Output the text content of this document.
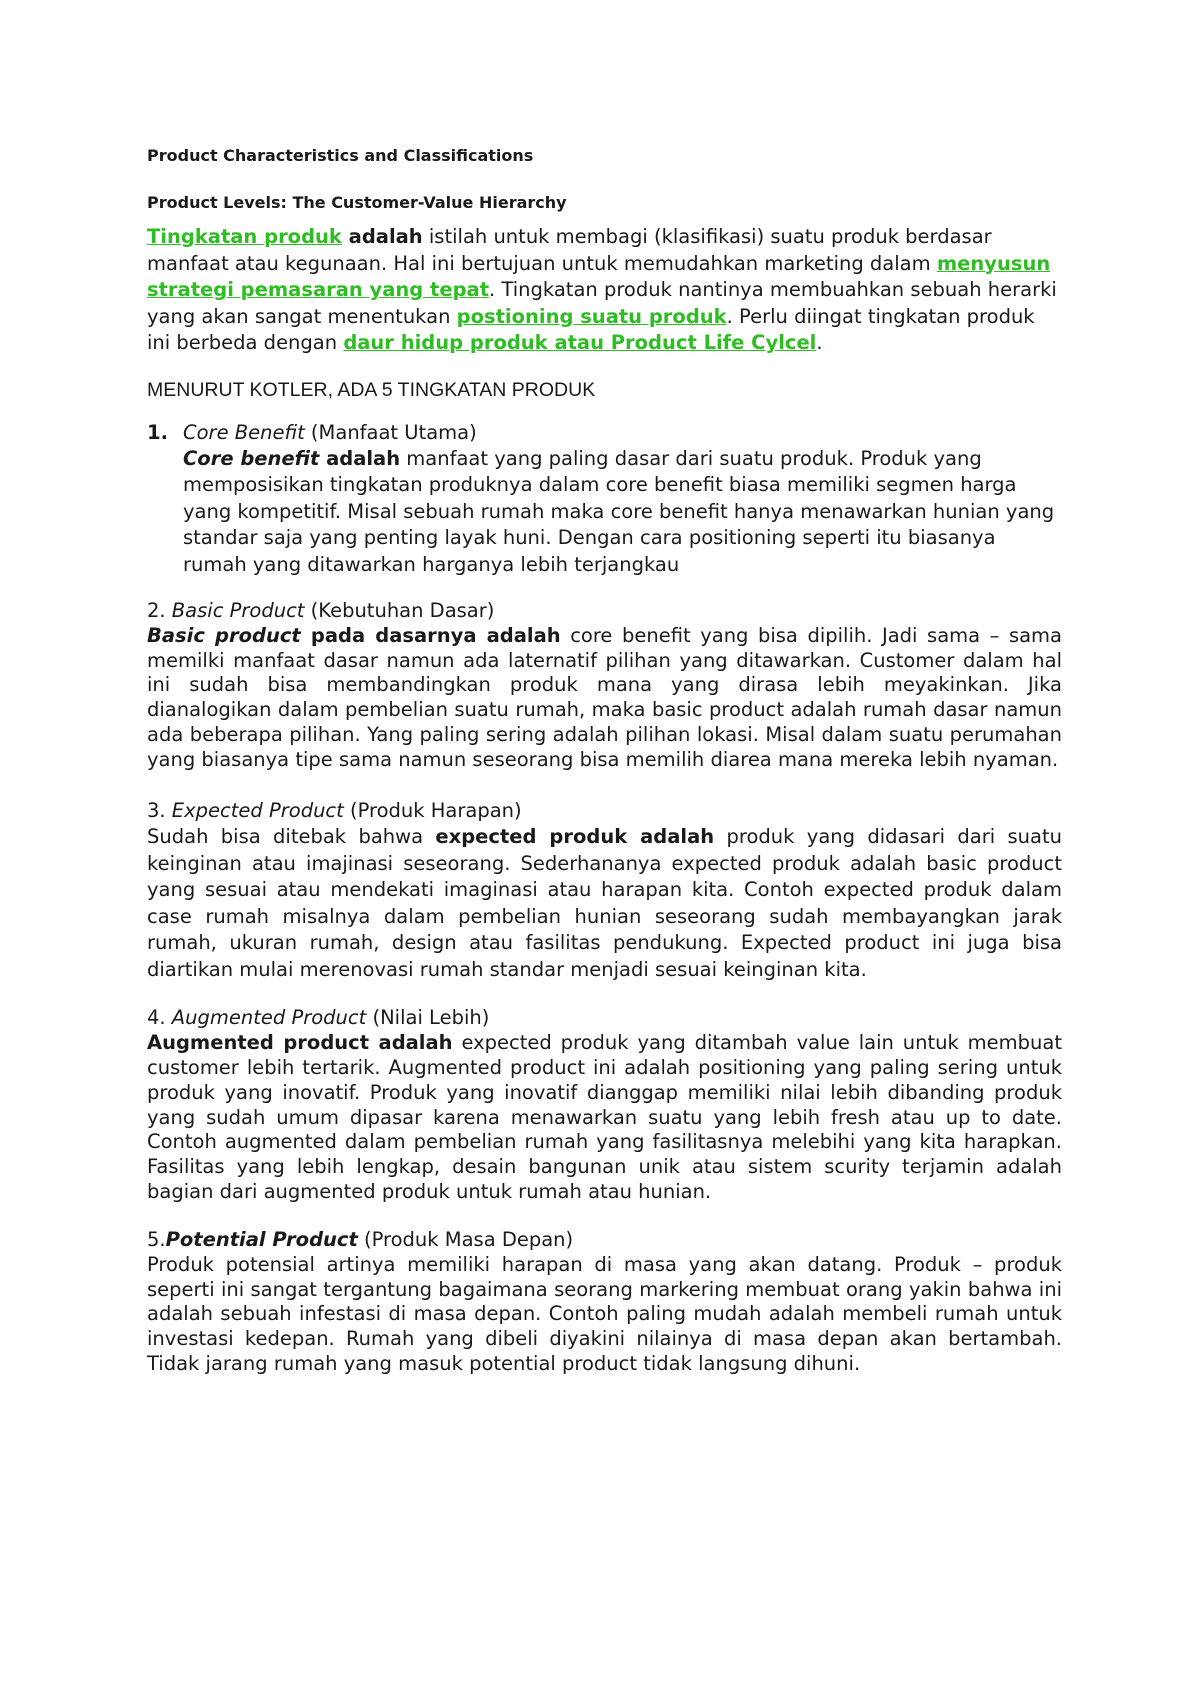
Product Characteristics and Classifications

Product Levels: The Customer-Value Hierarchy

Tingkatan produk adalah istilah untuk membagi (klasifikasi) suatu produk berdasar manfaat atau kegunaan. Hal ini bertujuan untuk memudahkan marketing dalam menyusun strategi pemasaran yang tepat. Tingkatan produk nantinya membuahkan sebuah herarki yang akan sangat menentukan postioning suatu produk. Perlu diingat tingkatan produk ini berbeda dengan daur hidup produk atau Product Life Cylcel.

MENURUT KOTLER, ADA 5 TINGKATAN PRODUK

1. Core Benefit (Manfaat Utama)

Core benefit adalah manfaat yang paling dasar dari suatu produk. Produk yang memposisikan tingkatan produknya dalam core benefit biasa memiliki segmen harga yang kompetitif. Misal sebuah rumah maka core benefit hanya menawarkan hunian yang standar saja yang penting layak huni. Dengan cara positioning seperti itu biasanya rumah yang ditawarkan harganya lebih terjangkau

2. Basic Product (Kebutuhan Dasar)

Basic product pada dasarnya adalah core benefit yang bisa dipilih. Jadi sama – sama memilki manfaat dasar namun ada laternatif pilihan yang ditawarkan. Customer dalam hal ini sudah bisa membandingkan produk mana yang dirasa lebih meyakinkan. Jika dianalogikan dalam pembelian suatu rumah, maka basic product adalah rumah dasar namun ada beberapa pilihan. Yang paling sering adalah pilihan lokasi. Misal dalam suatu perumahan yang biasanya tipe sama namun seseorang bisa memilih diarea mana mereka lebih nyaman.

3. Expected Product (Produk Harapan)

Sudah bisa ditebak bahwa expected produk adalah produk yang didasari dari suatu keinginan atau imajinasi seseorang. Sederhananya expected produk adalah basic product yang sesuai atau mendekati imaginasi atau harapan kita. Contoh expected produk dalam case rumah misalnya dalam pembelian hunian seseorang sudah membayangkan jarak rumah, ukuran rumah, design atau fasilitas pendukung. Expected product ini juga bisa diartikan mulai merenovasi rumah standar menjadi sesuai keinginan kita.

4. Augmented Product (Nilai Lebih)

Augmented product adalah expected produk yang ditambah value lain untuk membuat customer lebih tertarik. Augmented product ini adalah positioning yang paling sering untuk produk yang inovatif. Produk yang inovatif dianggap memiliki nilai lebih dibanding produk yang sudah umum dipasar karena menawarkan suatu yang lebih fresh atau up to date. Contoh augmented dalam pembelian rumah yang fasilitasnya melebihi yang kita harapkan. Fasilitas yang lebih lengkap, desain bangunan unik atau sistem scurity terjamin adalah bagian dari augmented produk untuk rumah atau hunian.

5.Potential Product (Produk Masa Depan)

Produk potensial artinya memiliki harapan di masa yang akan datang. Produk – produk seperti ini sangat tergantung bagaimana seorang markering membuat orang yakin bahwa ini adalah sebuah infestasi di masa depan. Contoh paling mudah adalah membeli rumah untuk investasi kedepan. Rumah yang dibeli diyakini nilainya di masa depan akan bertambah. Tidak jarang rumah yang masuk potential product tidak langsung dihuni.
